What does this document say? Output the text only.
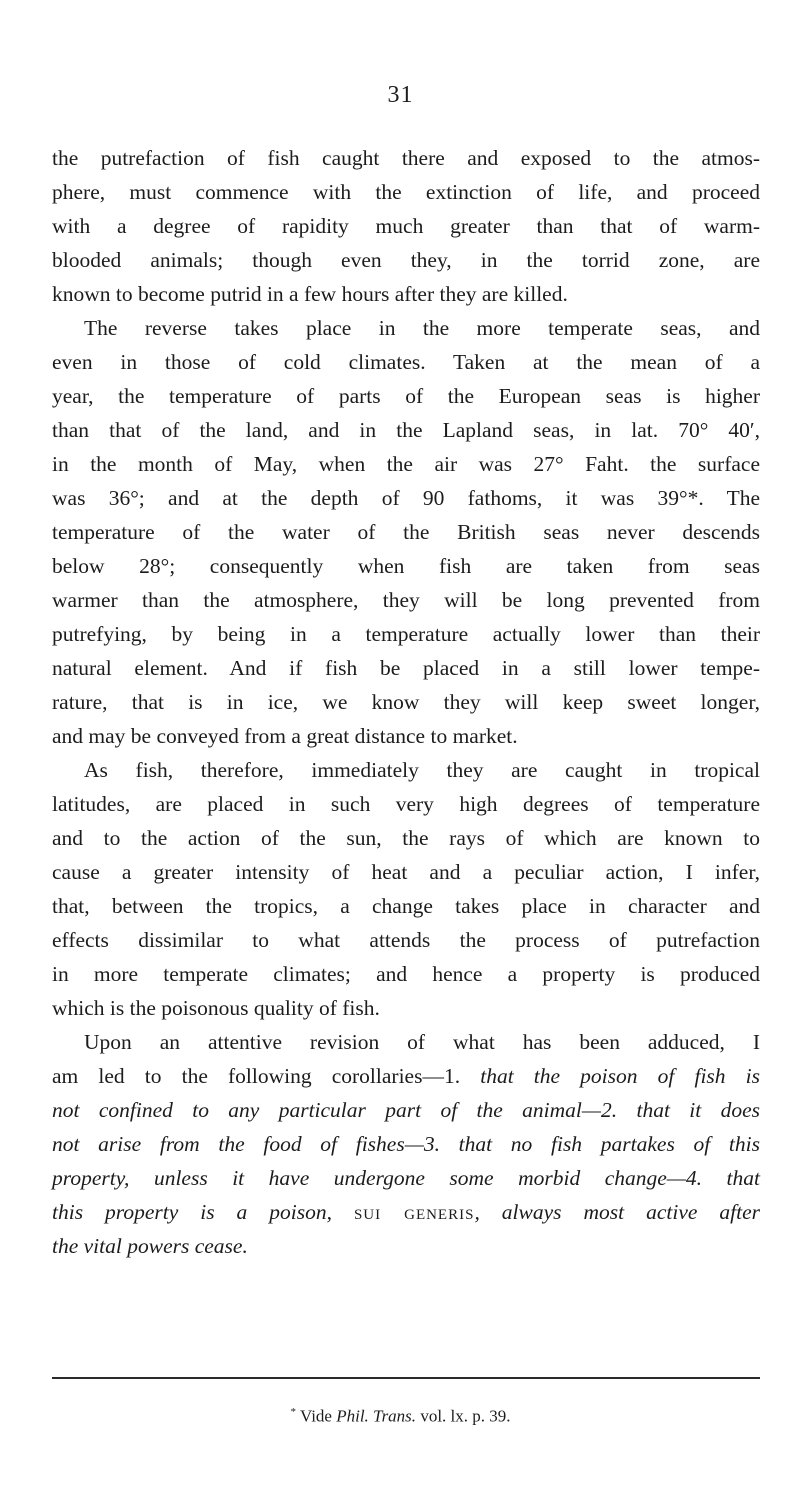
31
the putrefaction of fish caught there and exposed to the atmos-
phere, must commence with the extinction of life, and proceed
with a degree of rapidity much greater than that of warm-
blooded animals; though even they, in the torrid zone, are
known to become putrid in a few hours after they are killed.
The reverse takes place in the more temperate seas, and
even in those of cold climates. Taken at the mean of a
year, the temperature of parts of the European seas is higher
than that of the land, and in the Lapland seas, in lat. 70° 40′,
in the month of May, when the air was 27° Faht. the surface
was 36°; and at the depth of 90 fathoms, it was 39°*. The
temperature of the water of the British seas never descends
below 28°; consequently when fish are taken from seas
warmer than the atmosphere, they will be long prevented from
putrefying, by being in a temperature actually lower than their
natural element. And if fish be placed in a still lower tempe-
rature, that is in ice, we know they will keep sweet longer,
and may be conveyed from a great distance to market.
As fish, therefore, immediately they are caught in tropical
latitudes, are placed in such very high degrees of temperature
and to the action of the sun, the rays of which are known to
cause a greater intensity of heat and a peculiar action, I infer,
that, between the tropics, a change takes place in character and
effects dissimilar to what attends the process of putrefaction
in more temperate climates; and hence a property is produced
which is the poisonous quality of fish.
Upon an attentive revision of what has been adduced, I
am led to the following corollaries—1. that the poison of fish is
not confined to any particular part of the animal—2. that it does
not arise from the food of fishes—3. that no fish partakes of this
property, unless it have undergone some morbid change—4. that
this property is a poison, sui generis, always most active after
the vital powers cease.
* Vide Phil. Trans. vol. lx. p. 39.
